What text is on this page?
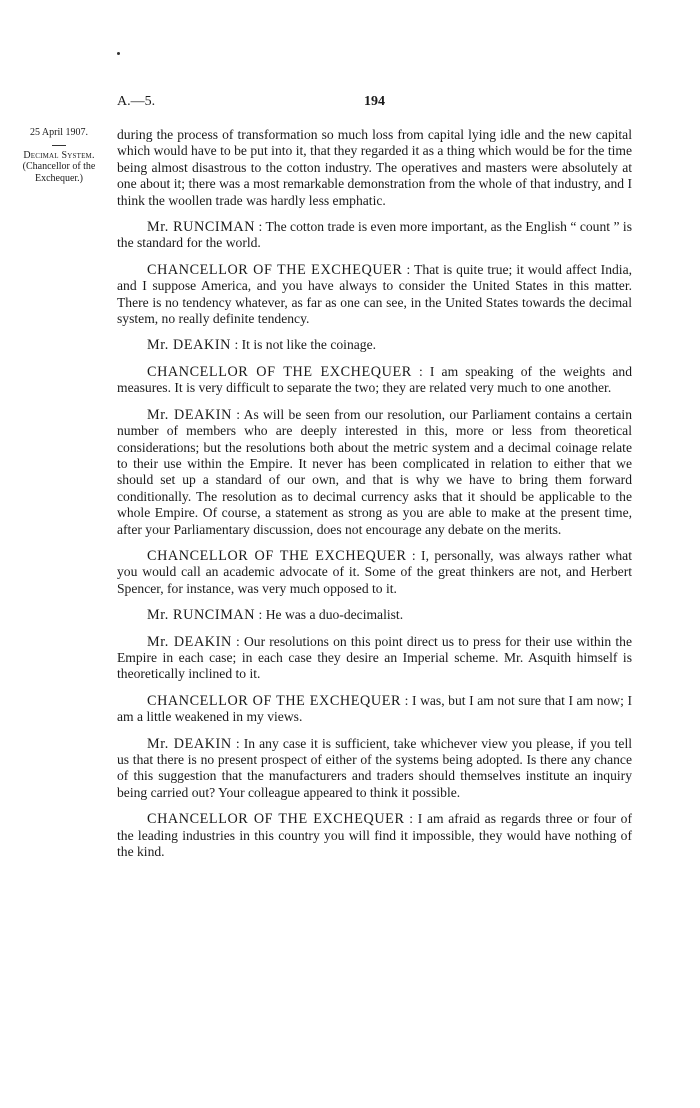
A.—5.	194
25 April 1907.
Decimal System.
(Chancellor of the Exchequer.)

during the process of transformation so much loss from capital lying idle and the new capital which would have to be put into it, that they regarded it as a thing which would be for the time being almost disastrous to the cotton industry. The operatives and masters were absolutely at one about it; there was a most remarkable demonstration from the whole of that industry, and I think the woollen trade was hardly less emphatic.

Mr. RUNCIMAN : The cotton trade is even more important, as the English “ count ” is the standard for the world.

CHANCELLOR OF THE EXCHEQUER : That is quite true; it would affect India, and I suppose America, and you have always to consider the United States in this matter. There is no tendency whatever, as far as one can see, in the United States towards the decimal system, no really definite tendency.

Mr. DEAKIN : It is not like the coinage.

CHANCELLOR OF THE EXCHEQUER : I am speaking of the weights and measures. It is very difficult to separate the two; they are related very much to one another.

Mr. DEAKIN : As will be seen from our resolution, our Parliament contains a certain number of members who are deeply interested in this, more or less from theoretical considerations; but the resolutions both about the metric system and a decimal coinage relate to their use within the Empire. It never has been complicated in relation to either that we should set up a standard of our own, and that is why we have to bring them forward conditionally. The resolution as to decimal currency asks that it should be applicable to the whole Empire. Of course, a statement as strong as you are able to make at the present time, after your Parliamentary discussion, does not encourage any debate on the merits.

CHANCELLOR OF THE EXCHEQUER : I, personally, was always rather what you would call an academic advocate of it. Some of the great thinkers are not, and Herbert Spencer, for instance, was very much opposed to it.

Mr. RUNCIMAN : He was a duo-decimalist.

Mr. DEAKIN : Our resolutions on this point direct us to press for their use within the Empire in each case; in each case they desire an Imperial scheme. Mr. Asquith himself is theoretically inclined to it.

CHANCELLOR OF THE EXCHEQUER : I was, but I am not sure that I am now; I am a little weakened in my views.

Mr. DEAKIN : In any case it is sufficient, take whichever view you please, if you tell us that there is no present prospect of either of the systems being adopted. Is there any chance of this suggestion that the manufacturers and traders should themselves institute an inquiry being carried out? Your colleague appeared to think it possible.

CHANCELLOR OF THE EXCHEQUER : I am afraid as regards three or four of the leading industries in this country you will find it impossible, they would have nothing of the kind.
